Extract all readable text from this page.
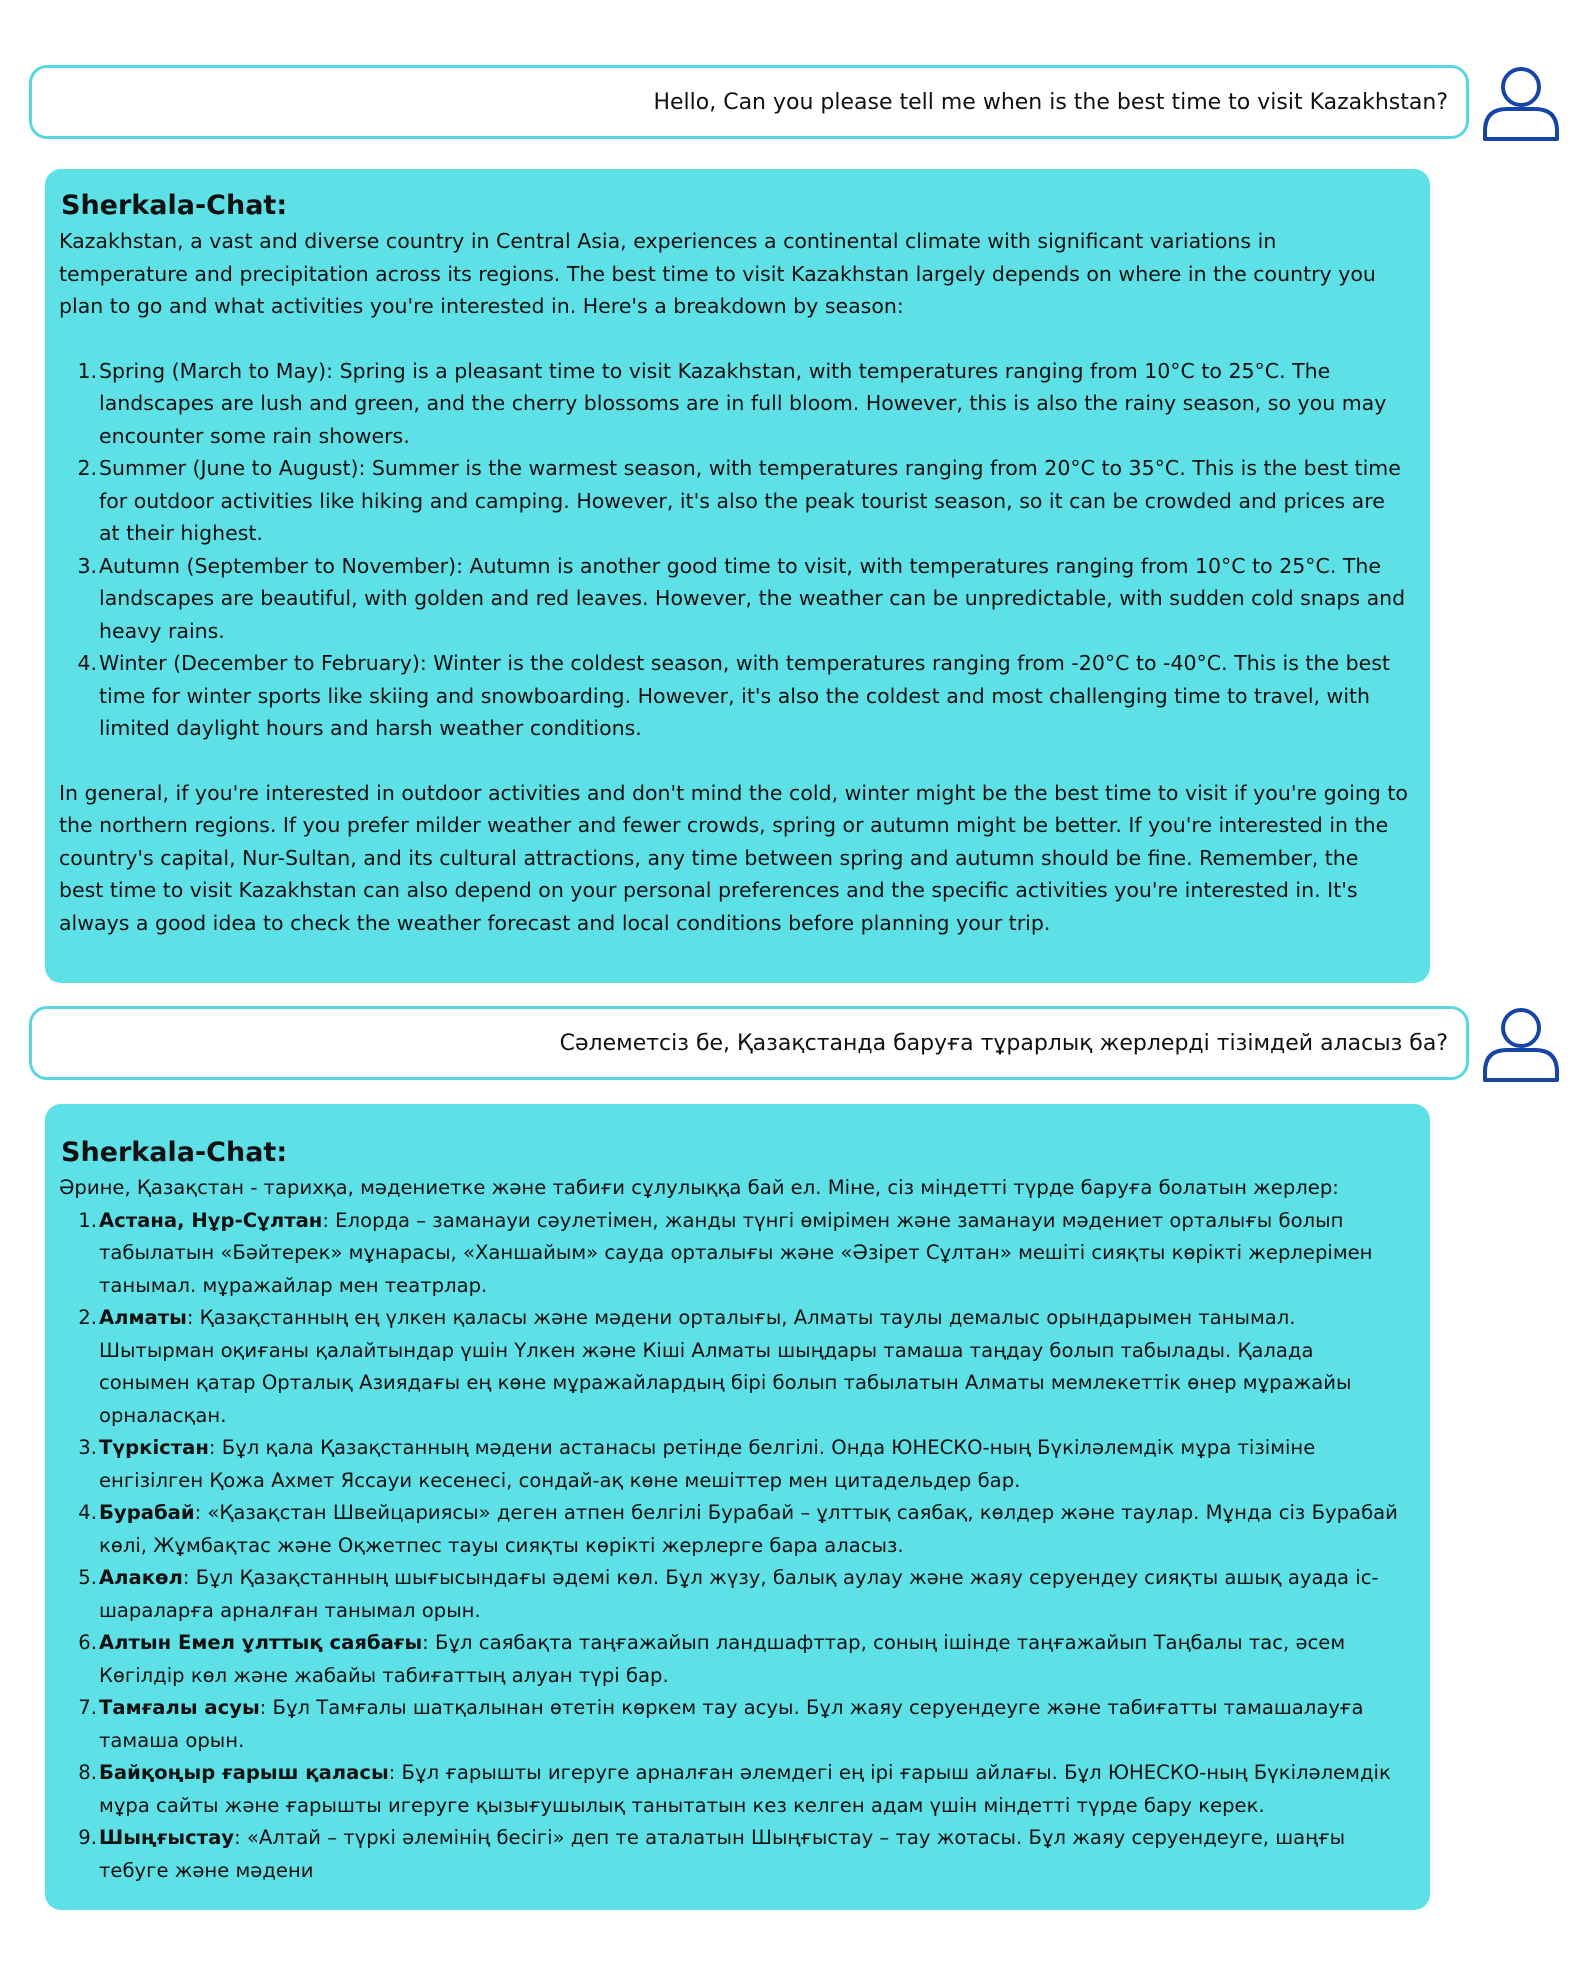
Hello, Can you please tell me when is the best time to visit Kazakhstan?
Sherkala-Chat:

Kazakhstan, a vast and diverse country in Central Asia, experiences a continental climate with significant variations in temperature and precipitation across its regions. The best time to visit Kazakhstan largely depends on where in the country you plan to go and what activities you're interested in. Here's a breakdown by season:

1. Spring (March to May): Spring is a pleasant time to visit Kazakhstan, with temperatures ranging from 10°C to 25°C. The landscapes are lush and green, and the cherry blossoms are in full bloom. However, this is also the rainy season, so you may encounter some rain showers.
2. Summer (June to August): Summer is the warmest season, with temperatures ranging from 20°C to 35°C. This is the best time for outdoor activities like hiking and camping. However, it's also the peak tourist season, so it can be crowded and prices are at their highest.
3. Autumn (September to November): Autumn is another good time to visit, with temperatures ranging from 10°C to 25°C. The landscapes are beautiful, with golden and red leaves. However, the weather can be unpredictable, with sudden cold snaps and heavy rains.
4. Winter (December to February): Winter is the coldest season, with temperatures ranging from -20°C to -40°C. This is the best time for winter sports like skiing and snowboarding. However, it's also the coldest and most challenging time to travel, with limited daylight hours and harsh weather conditions.

In general, if you're interested in outdoor activities and don't mind the cold, winter might be the best time to visit if you're going to the northern regions. If you prefer milder weather and fewer crowds, spring or autumn might be better. If you're interested in the country's capital, Nur-Sultan, and its cultural attractions, any time between spring and autumn should be fine. Remember, the best time to visit Kazakhstan can also depend on your personal preferences and the specific activities you're interested in. It's always a good idea to check the weather forecast and local conditions before planning your trip.

Сәлеметсіз бе, Қазақстанда баруға тұрарлық жерлерді тізімдей аласыз ба?
Sherkala-Chat:

Әрине, Қазақстан - тарихқа, мәдениетке және табиғи сұлулыққа бай ел. Міне, сіз міндетті түрде баруға болатын жерлер:

1. Астана, Нұр-Сұлтан: Елорда – заманауи сәулетімен, жанды түнгі өмірімен және заманауи мәдениет орталығы болып табылатын «Бәйтерек» мұнарасы, «Ханшайым» сауда орталығы және «Әзірет Сұлтан» мешіті сияқты көрікті жерлерімен танымал. мұражайлар мен театрлар.
2. Алматы: Қазақстанның ең үлкен қаласы және мәдени орталығы, Алматы таулы демалыс орындарымен танымал. Шытырман оқиғаны қалайтындар үшін Үлкен және Кіші Алматы шыңдары тамаша таңдау болып табылады. Қалада сонымен қатар Орталық Азиядағы ең көне мұражайлардың бірі болып табылатын Алматы мемлекеттік өнер мұражайы орналасқан.
3. Түркістан: Бұл қала Қазақстанның мәдени астанасы ретінде белгілі. Онда ЮНЕСКО-ның Бүкіләлемдік мұра тізіміне енгізілген Қожа Ахмет Яссауи кесенесі, сондай-ақ көне мешіттер мен цитадельдер бар.
4. Бурабай: «Қазақстан Швейцариясы» деген атпен белгілі Бурабай – ұлттық саябақ, көлдер және таулар. Мұнда сіз Бурабай көлі, Жұмбақтас және Оқжетпес тауы сияқты көрікті жерлерге бара аласыз.
5. Алакөл: Бұл Қазақстанның шығысындағы әдемі көл. Бұл жүзу, балық аулау және жаяу серуендеу сияқты ашық ауада іс-шараларға арналған танымал орын.
6. Алтын Емел ұлттық саябағы: Бұл саябақта таңғажайып ландшафттар, соның ішінде таңғажайып Таңбалы тас, әсем Көгілдір көл және жабайы табиғаттың алуан түрі бар.
7. Тамғалы асуы: Бұл Тамғалы шатқалынан өтетін көркем тау асуы. Бұл жаяу серуендеуге және табиғатты тамашалауға тамаша орын.
8. Байқоңыр ғарыш қаласы: Бұл ғарышты игеруге арналған әлемдегі ең ірі ғарыш айлағы. Бұл ЮНЕСКО-ның Бүкіләлемдік мұра сайты және ғарышты игеруге қызығушылық танытатын кез келген адам үшін міндетті түрде бару керек.
9. Шыңғыстау: «Алтай – түркі әлемінің бесігі» деп те аталатын Шыңғыстау – тау жотасы. Бұл жаяу серуендеуге, шаңғы тебуге және мәдени
